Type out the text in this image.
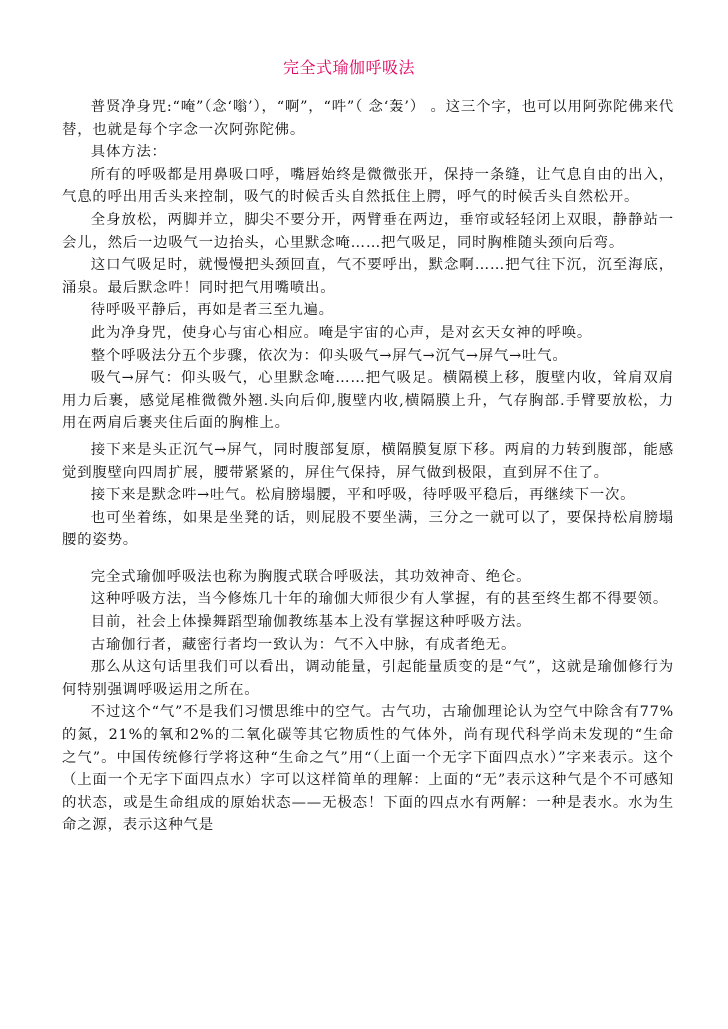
完全式瑜伽呼吸法

普贤净身咒:“唵”（念‘嗡’），“啊”，“吽”（ 念‘轰’） 。这三个字，也可以用阿弥陀佛来代替，也就是每个字念一次阿弥陀佛。

具体方法：

所有的呼吸都是用鼻吸口呼，嘴唇始终是微微张开，保持一条缝，让气息自由的出入，气息的呼出用舌头来控制，吸气的时候舌头自然抵住上腭，呼气的时候舌头自然松开。

全身放松，两脚并立，脚尖不要分开，两臂垂在两边，垂帘或轻轻闭上双眼，静静站一会儿，然后一边吸气一边抬头，心里默念唵……把气吸足，同时胸椎随头颈向后弯。

这口气吸足时，就慢慢把头颈回直，气不要呼出，默念啊……把气往下沉，沉至海底，涌泉。最后默念吽！同时把气用嘴喷出。

待呼吸平静后，再如是者三至九遍。

此为净身咒，使身心与宙心相应。唵是宇宙的心声，是对玄天女神的呼唤。

整个呼吸法分五个步骤，依次为：仰头吸气→屏气→沉气→屏气→吐气。

吸气→屏气：仰头吸气，心里默念唵……把气吸足。横隔模上移，腹壁内收，耸肩双肩用力后裹，感觉尾椎微微外翘.头向后仰,腹壁内收,横隔膜上升，气存胸部.手臂要放松，力用在两肩后裹夹住后面的胸椎上。

接下来是头正沉气→屏气，同时腹部复原，横隔膜复原下移。两肩的力转到腹部，能感觉到腹壁向四周扩展，腰带紧紧的，屏住气保持，屏气做到极限，直到屏不住了。

接下来是默念吽→吐气。松肩膀塌腰，平和呼吸，待呼吸平稳后，再继续下一次。

也可坐着练，如果是坐凳的话，则屁股不要坐满，三分之一就可以了，要保持松肩膀塌腰的姿势。

完全式瑜伽呼吸法也称为胸腹式联合呼吸法，其功效神奇、绝仑。

这种呼吸方法，当今修炼几十年的瑜伽大师很少有人掌握，有的甚至终生都不得要领。

目前，社会上体操舞蹈型瑜伽教练基本上没有掌握这种呼吸方法。

古瑜伽行者，藏密行者均一致认为：气不入中脉，有成者绝无。

那么从这句话里我们可以看出，调动能量，引起能量质变的是“气”，这就是瑜伽修行为何特别强调呼吸运用之所在。

不过这个“气”不是我们习惯思维中的空气。古气功，古瑜伽理论认为空气中除含有77%的氮，21%的氧和2%的二氧化碳等其它物质性的气体外，尚有现代科学尚未发现的“生命之气”。中国传统修行学将这种“生命之气”用“（上面一个无字下面四点水）”字来表示。这个（上面一个无字下面四点水）字可以这样简单的理解：上面的“无”表示这种气是个不可感知的状态，或是生命组成的原始状态——无极态！下面的四点水有两解：一种是表水。水为生命之源，表示这种气是
